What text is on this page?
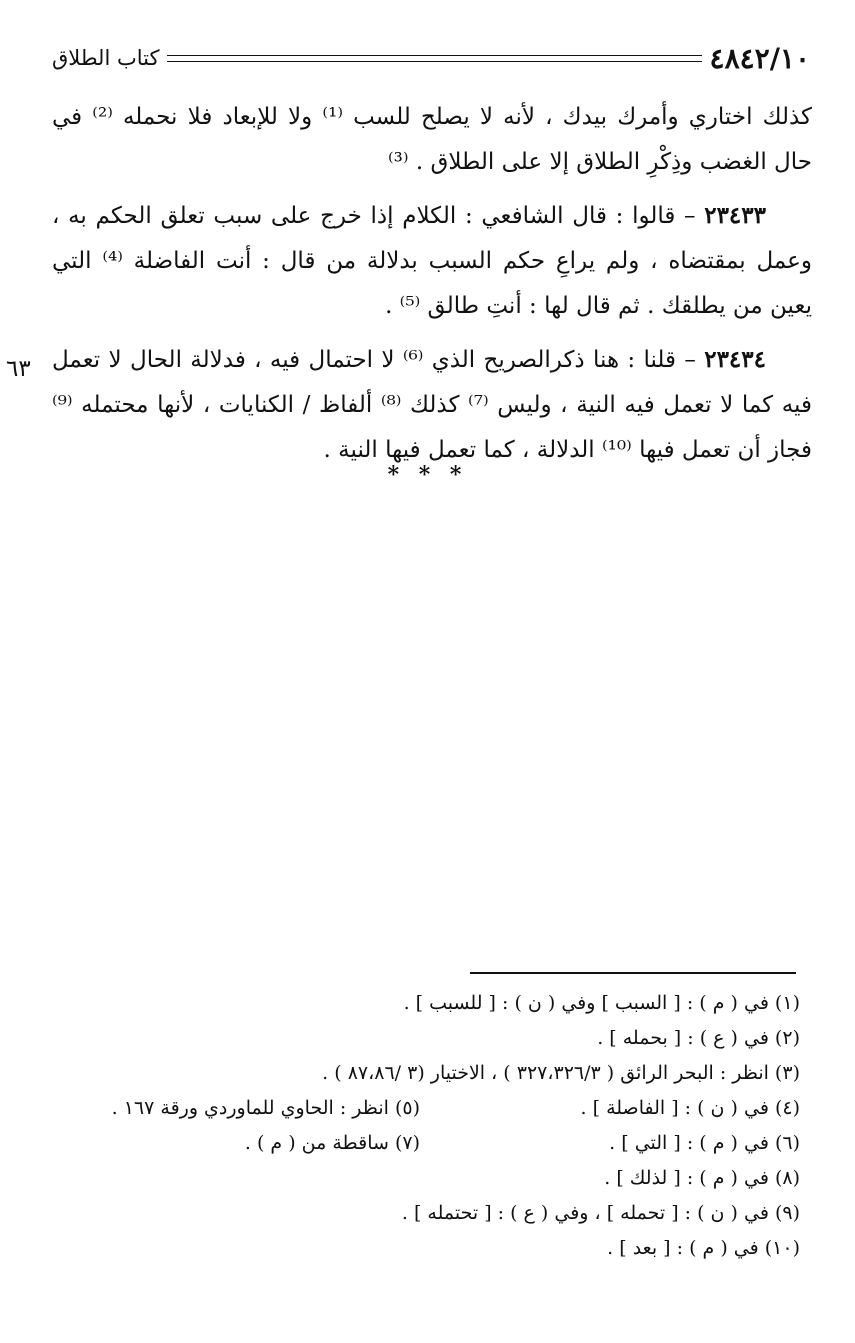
٤٨٤٢/١٠
كتاب الطلاق

كذلك اختاري وأمرك بيدك ، لأنه لا يصلح للسب ⁽¹⁾ ولا للإبعاد فلا نحمله ⁽²⁾ في حال الغضب وذِكْرِ الطلاق إلا على الطلاق . ⁽³⁾

٢٣٤٣٣ – قالوا : قال الشافعي : الكلام إذا خرج على سبب تعلق الحكم به ، وعمل بمقتضاه ، ولم يراعِ حكم السبب بدلالة من قال : أنت الفاضلة ⁽⁴⁾ التي يعين من يطلقك . ثم قال لها : أنتِ طالق ⁽⁵⁾ .

٢٣٤٣٤ – قلنا : هنا ذكرالصريح الذي ⁽⁶⁾ لا احتمال فيه ، فدلالة الحال لا تعمل فيه كما لا تعمل فيه النية ، وليس ⁽⁷⁾ كذلك ⁽⁸⁾ ألفاظ / الكنايات ، لأنها محتمله ⁽⁹⁾ فجاز أن تعمل فيها ⁽¹⁰⁾ الدلالة ، كما تعمل فيها النية .

٦٣
* * *
(١) في ( م ) : [ السبب ] وفي ( ن ) : [ للسبب ] .
(٢) في ( ع ) : [ بحمله ] .
(٣) انظر : البحر الرائق ( ٣٢٧،٣٢٦/٣ ) ، الاختيار (٣ /٨٧،٨٦ ) .
(٤) في ( ن ) : [ الفاصلة ] .
(٥) انظر : الحاوي للماوردي ورقة ١٦٧ .
(٦) في ( م ) : [ التي ] .
(٧) ساقطة من ( م ) .
(٨) في ( م ) : [ لذلك ] .
(٩) في ( ن ) : [ تحمله ] ، وفي ( ع ) : [ تحتمله ] .
(١٠) في ( م ) : [ بعد ] .
